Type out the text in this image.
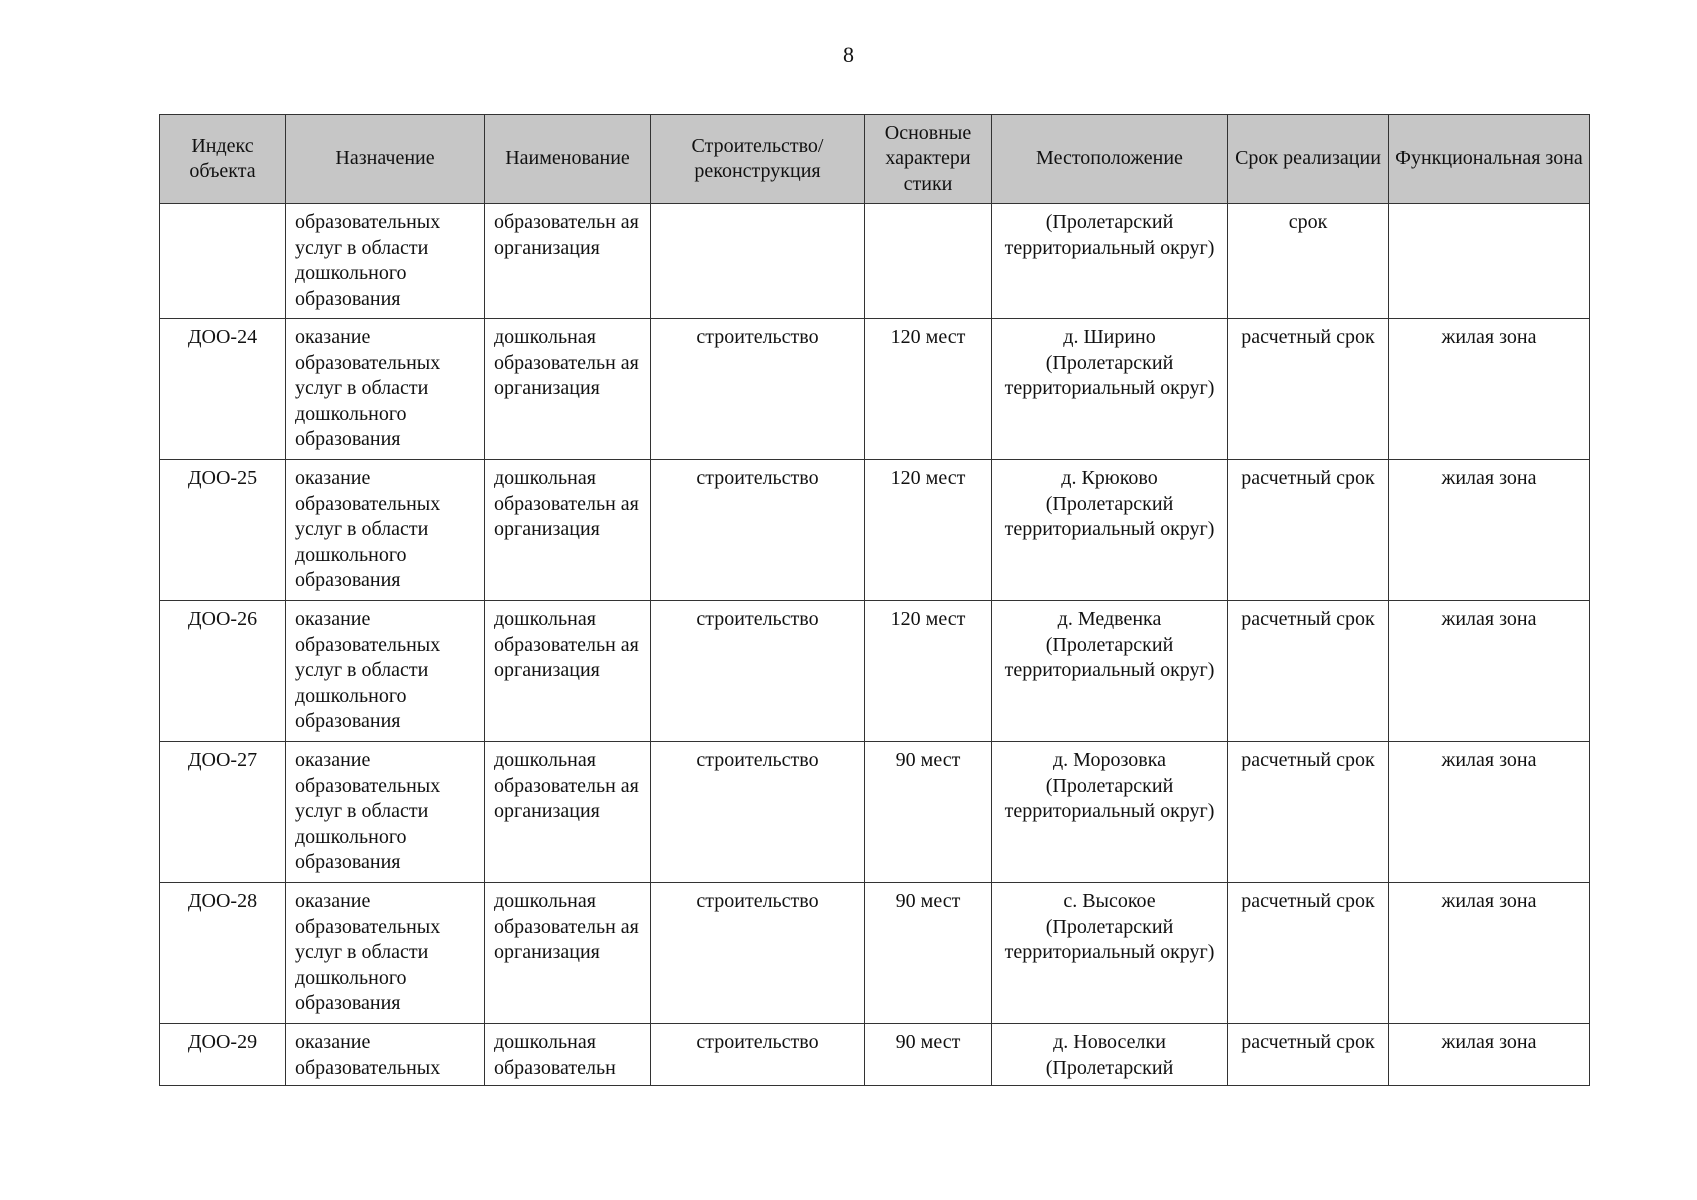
8
Индекс объекта	Назначение	Наименование	Строительство/ реконструкция	Основные характери стики	Местоположение	Срок реализации	Функциональная зона
	образовательных услуг в области дошкольного образования	образовательн ая организация			(Пролетарский территориальный округ)	срок	
ДОО-24	оказание образовательных услуг в области дошкольного образования	дошкольная образовательн ая организация	строительство	120 мест	д. Ширино (Пролетарский территориальный округ)	расчетный срок	жилая зона
ДОО-25	оказание образовательных услуг в области дошкольного образования	дошкольная образовательн ая организация	строительство	120 мест	д. Крюково (Пролетарский территориальный округ)	расчетный срок	жилая зона
ДОО-26	оказание образовательных услуг в области дошкольного образования	дошкольная образовательн ая организация	строительство	120 мест	д. Медвенка (Пролетарский территориальный округ)	расчетный срок	жилая зона
ДОО-27	оказание образовательных услуг в области дошкольного образования	дошкольная образовательн ая организация	строительство	90 мест	д. Морозовка (Пролетарский территориальный округ)	расчетный срок	жилая зона
ДОО-28	оказание образовательных услуг в области дошкольного образования	дошкольная образовательн ая организация	строительство	90 мест	с. Высокое (Пролетарский территориальный округ)	расчетный срок	жилая зона
ДОО-29	оказание образовательных	дошкольная образовательн	строительство	90 мест	д. Новоселки (Пролетарский	расчетный срок	жилая зона
